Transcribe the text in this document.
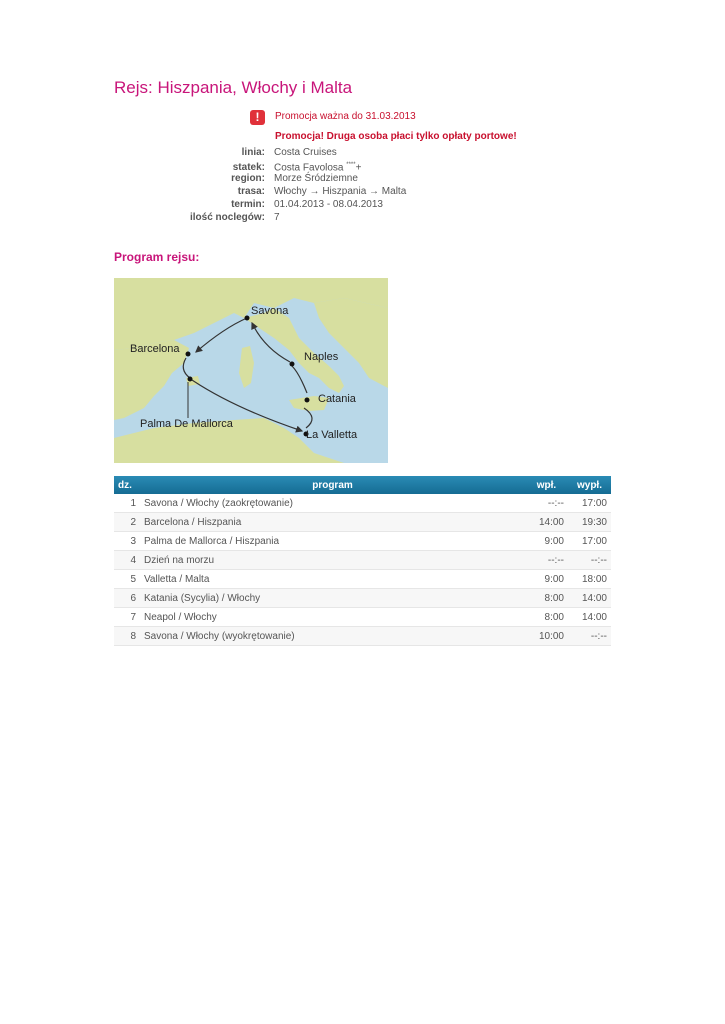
Rejs: Hiszpania, Włochy i Malta
!	Promocja ważna do 31.03.2013
Promocja! Druga osoba płaci tylko opłaty portowe!
linia: Costa Cruises
statek: Costa Favolosa ****+
region: Morze Śródziemne
trasa: Włochy → Hiszpania → Malta
termin: 01.04.2013 - 08.04.2013
ilość noclegów: 7
Program rejsu:
Savona
Barcelona
Naples
Catania
Palma De Mallorca
La Valletta
dz.	program	wpł.	wypł.
1	Savona / Włochy (zaokrętowanie)	--:--	17:00
2	Barcelona / Hiszpania	14:00	19:30
3	Palma de Mallorca / Hiszpania	9:00	17:00
4	Dzień na morzu	--:--	--:--
5	Valletta / Malta	9:00	18:00
6	Katania (Sycylia) / Włochy	8:00	14:00
7	Neapol / Włochy	8:00	14:00
8	Savona / Włochy (wyokrętowanie)	10:00	--:--
